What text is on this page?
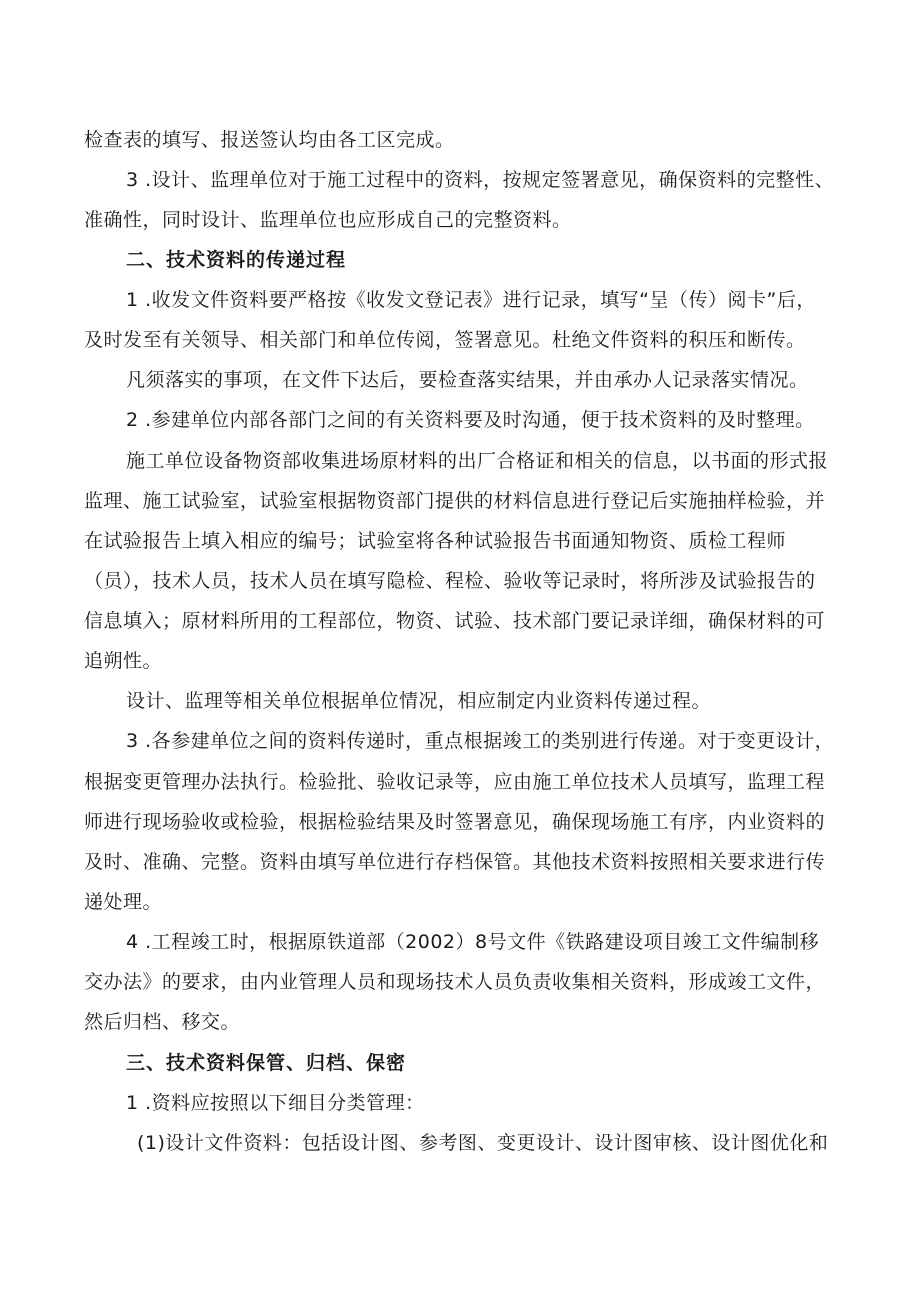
检查表的填写、报送签认均由各工区完成。
3 .设计、监理单位对于施工过程中的资料，按规定签署意见，确保资料的完整性、
准确性，同时设计、监理单位也应形成自己的完整资料。
二、技术资料的传递过程
1 .收发文件资料要严格按《收发文登记表》进行记录，填写“呈（传）阅卡”后，
及时发至有关领导、相关部门和单位传阅，签署意见。杜绝文件资料的积压和断传。
凡须落实的事项，在文件下达后，要检查落实结果，并由承办人记录落实情况。
2 .参建单位内部各部门之间的有关资料要及时沟通，便于技术资料的及时整理。
施工单位设备物资部收集进场原材料的出厂合格证和相关的信息，以书面的形式报
监理、施工试验室，试验室根据物资部门提供的材料信息进行登记后实施抽样检验，并
在试验报告上填入相应的编号；试验室将各种试验报告书面通知物资、质检工程师
（员），技术人员，技术人员在填写隐检、程检、验收等记录时，将所涉及试验报告的
信息填入；原材料所用的工程部位，物资、试验、技术部门要记录详细，确保材料的可
追朔性。
设计、监理等相关单位根据单位情况，相应制定内业资料传递过程。
3 .各参建单位之间的资料传递时，重点根据竣工的类别进行传递。对于变更设计，
根据变更管理办法执行。检验批、验收记录等，应由施工单位技术人员填写，监理工程
师进行现场验收或检验，根据检验结果及时签署意见，确保现场施工有序，内业资料的
及时、准确、完整。资料由填写单位进行存档保管。其他技术资料按照相关要求进行传
递处理。
4 .工程竣工时，根据原铁道部（2002）8号文件《铁路建设项目竣工文件编制移
交办法》的要求，由内业管理人员和现场技术人员负责收集相关资料，形成竣工文件，
然后归档、移交。
三、技术资料保管、归档、保密
1 .资料应按照以下细目分类管理：
(1)设计文件资料：包括设计图、参考图、变更设计、设计图审核、设计图优化和
